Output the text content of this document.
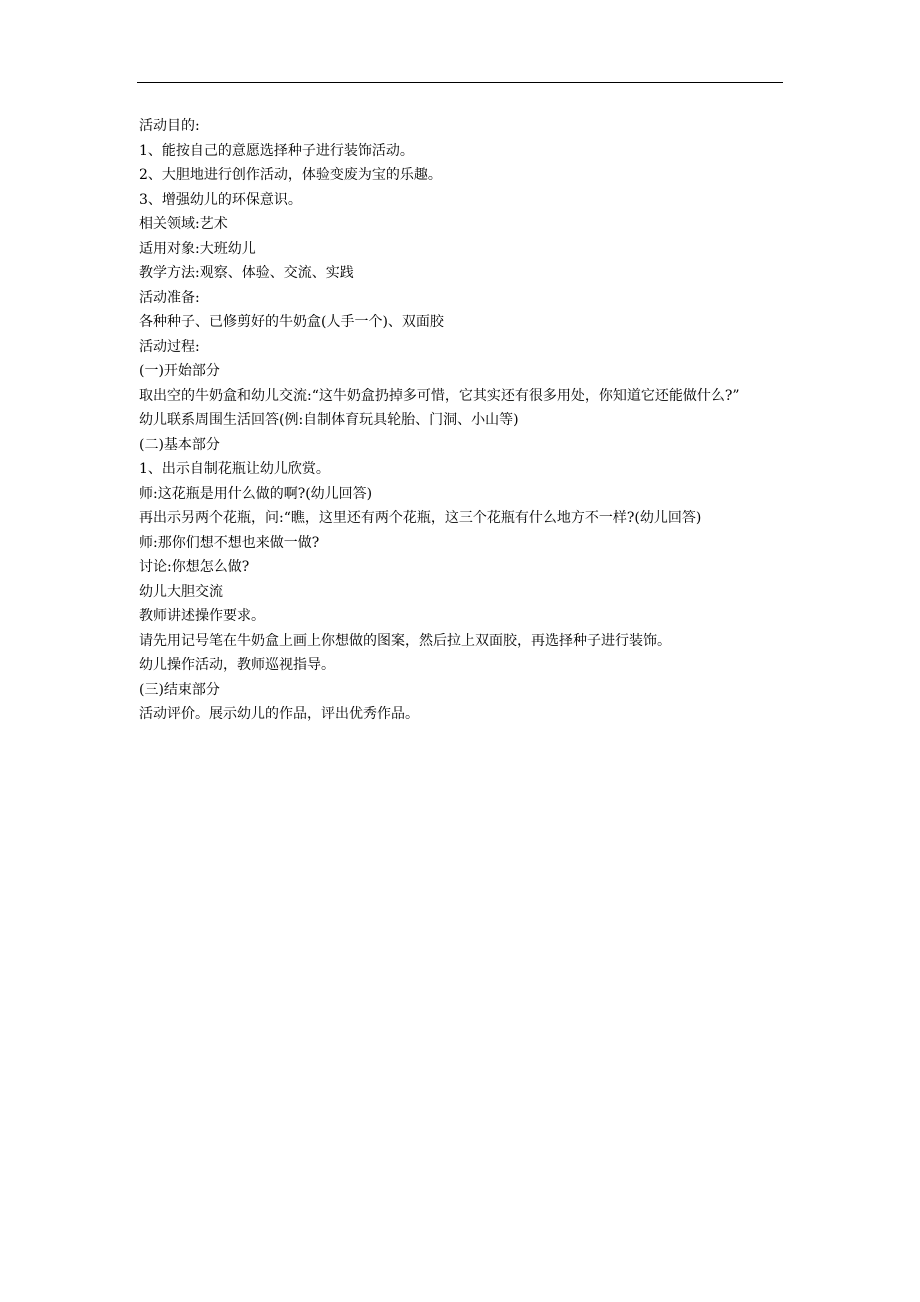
活动目的:

1、能按自己的意愿选择种子进行装饰活动。

2、大胆地进行创作活动，体验变废为宝的乐趣。

3、增强幼儿的环保意识。

相关领域:艺术

适用对象:大班幼儿

教学方法:观察、体验、交流、实践

活动准备:

各种种子、已修剪好的牛奶盒(人手一个)、双面胶

活动过程:

(一)开始部分

取出空的牛奶盒和幼儿交流:“这牛奶盒扔掉多可惜，它其实还有很多用处，你知道它还能做什么?”

幼儿联系周围生活回答(例:自制体育玩具轮胎、门洞、小山等)

(二)基本部分

1、出示自制花瓶让幼儿欣赏。

师:这花瓶是用什么做的啊?(幼儿回答)

再出示另两个花瓶，问:“瞧，这里还有两个花瓶，这三个花瓶有什么地方不一样?(幼儿回答)

师:那你们想不想也来做一做?

讨论:你想怎么做?

幼儿大胆交流

教师讲述操作要求。

请先用记号笔在牛奶盒上画上你想做的图案，然后拉上双面胶，再选择种子进行装饰。

幼儿操作活动，教师巡视指导。

(三)结束部分

活动评价。展示幼儿的作品，评出优秀作品。
